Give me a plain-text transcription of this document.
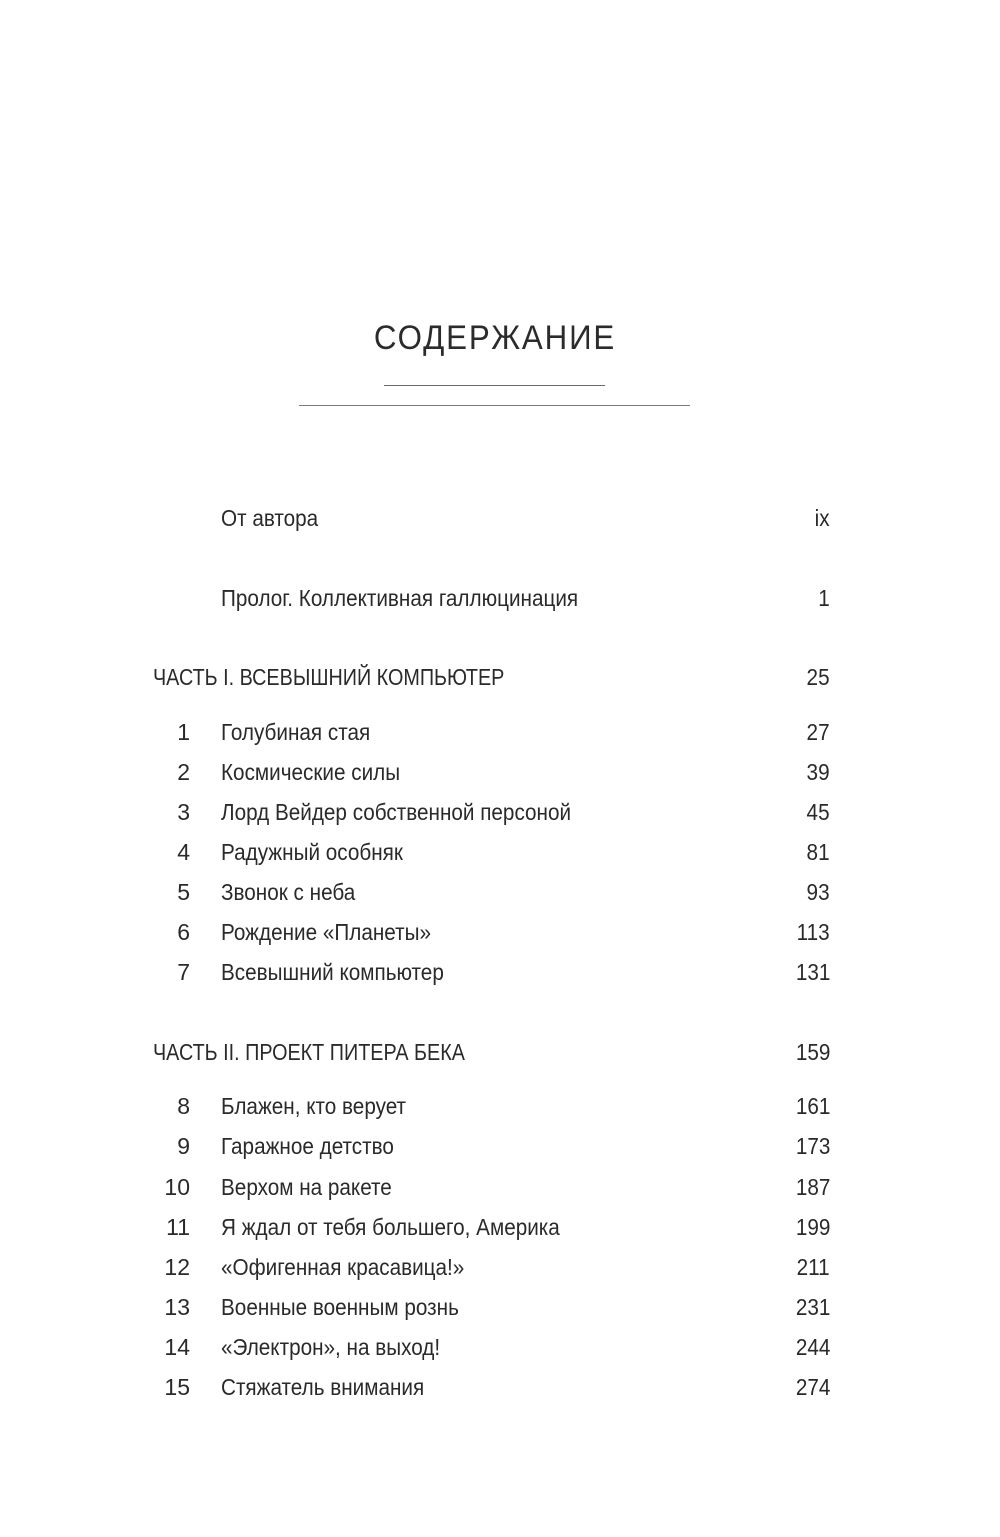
СОДЕРЖАНИЕ
От автора	ix
Пролог. Коллективная галлюцинация	1
ЧАСТЬ I. ВСЕВЫШНИЙ КОМПЬЮТЕР	25
1 Голубиная стая	27
2 Космические силы	39
3 Лорд Вейдер собственной персоной	45
4 Радужный особняк	81
5 Звонок с неба	93
6 Рождение «Планеты»	113
7 Всевышний компьютер	131
ЧАСТЬ II. ПРОЕКТ ПИТЕРА БЕКА	159
8 Блажен, кто верует	161
9 Гаражное детство	173
10 Верхом на ракете	187
11 Я ждал от тебя большего, Америка	199
12 «Офигенная красавица!»	211
13 Военные военным рознь	231
14 «Электрон», на выход!	244
15 Стяжатель внимания	274
